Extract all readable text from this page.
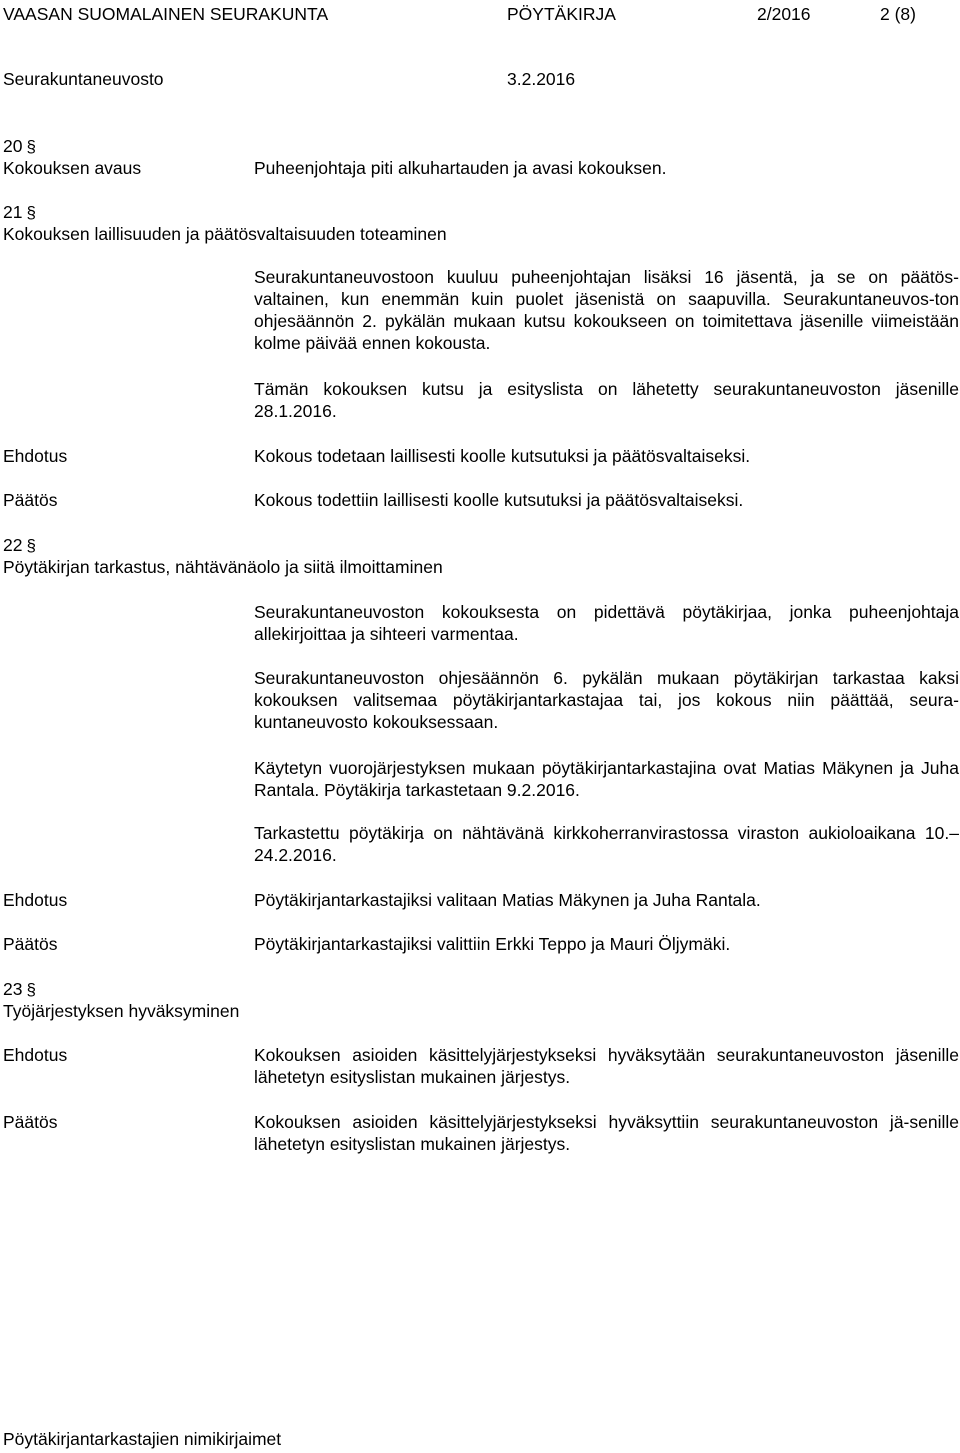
VAASAN SUOMALAINEN SEURAKUNTA	PÖYTÄKIRJA	2/2016	2 (8)
Seurakuntaneuvosto	3.2.2016
20 §
Kokouksen avaus	Puheenjohtaja piti alkuhartauden ja avasi kokouksen.
21 §
Kokouksen laillisuuden ja päätösvaltaisuuden toteaminen
Seurakuntaneuvostoon kuuluu puheenjohtajan lisäksi 16 jäsentä, ja se on päätös-valtainen, kun enemmän kuin puolet jäsenistä on saapuvilla. Seurakuntaneuvos-ton ohjesäännön 2. pykälän mukaan kutsu kokoukseen on toimitettava jäsenille viimeistään kolme päivää ennen kokousta.
Tämän kokouksen kutsu ja esityslista on lähetetty seurakuntaneuvoston jäsenille 28.1.2016.
Ehdotus	Kokous todetaan laillisesti koolle kutsutuksi ja päätösvaltaiseksi.
Päätös	Kokous todettiin laillisesti koolle kutsutuksi ja päätösvaltaiseksi.
22 §
Pöytäkirjan tarkastus, nähtävänäolo ja siitä ilmoittaminen
Seurakuntaneuvoston kokouksesta on pidettävä pöytäkirjaa, jonka puheenjohtaja allekirjoittaa ja sihteeri varmentaa.
Seurakuntaneuvoston ohjesäännön 6. pykälän mukaan pöytäkirjan tarkastaa kaksi kokouksen valitsemaa pöytäkirjantarkastajaa tai, jos kokous niin päättää, seura-kuntaneuvosto kokouksessaan.
Käytetyn vuorojärjestyksen mukaan pöytäkirjantarkastajina ovat Matias Mäkynen ja Juha Rantala. Pöytäkirja tarkastetaan 9.2.2016.
Tarkastettu pöytäkirja on nähtävänä kirkkoherranvirastossa viraston aukioloaikana 10.–24.2.2016.
Ehdotus	Pöytäkirjantarkastajiksi valitaan Matias Mäkynen ja Juha Rantala.
Päätös	Pöytäkirjantarkastajiksi valittiin Erkki Teppo ja Mauri Öljymäki.
23 §
Työjärjestyksen hyväksyminen
Ehdotus	Kokouksen asioiden käsittelyjärjestykseksi hyväksytään seurakuntaneuvoston jäsenille lähetetyn esityslistan mukainen järjestys.
Päätös	Kokouksen asioiden käsittelyjärjestykseksi hyväksyttiin seurakuntaneuvoston jä-senille lähetetyn esityslistan mukainen järjestys.
Pöytäkirjantarkastajien nimikirjaimet
